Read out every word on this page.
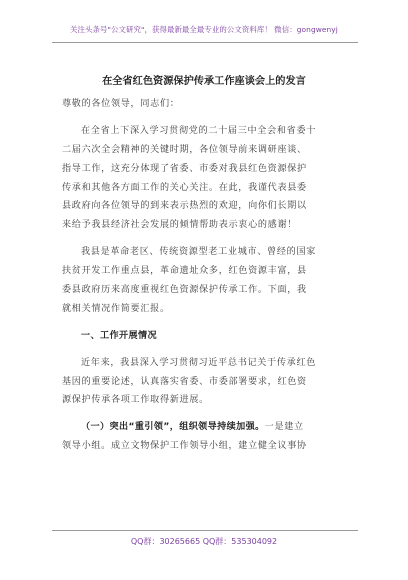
关注头条号"公文研究"，获得最新最全最专业的公文资料库！ 微信：gongwenyj
在全省红色资源保护传承工作座谈会上的发言
尊敬的各位领导，同志们：
在全省上下深入学习贯彻党的二十届三中全会和省委十
二届六次全会精神的关键时期，各位领导前来调研座谈、
指导工作，这充分体现了省委、市委对我县红色资源保护
传承和其他各方面工作的关心关注。在此，我谨代表县委
县政府向各位领导的到来表示热烈的欢迎，向你们长期以
来给予我县经济社会发展的倾情帮助表示衷心的感谢！
我县是革命老区、传统资源型老工业城市、曾经的国家
扶贫开发工作重点县，革命遗址众多，红色资源丰富，县
委县政府历来高度重视红色资源保护传承工作。下面，我
就相关情况作简要汇报。
一、工作开展情况
近年来，我县深入学习贯彻习近平总书记关于传承红色
基因的重要论述，认真落实省委、市委部署要求，红色资
源保护传承各项工作取得新进展。
（一）突出“重引领”，组织领导持续加强。一是建立
领导小组。成立文物保护工作领导小组，建立健全议事协
QQ群：30265665 QQ群：535304092
